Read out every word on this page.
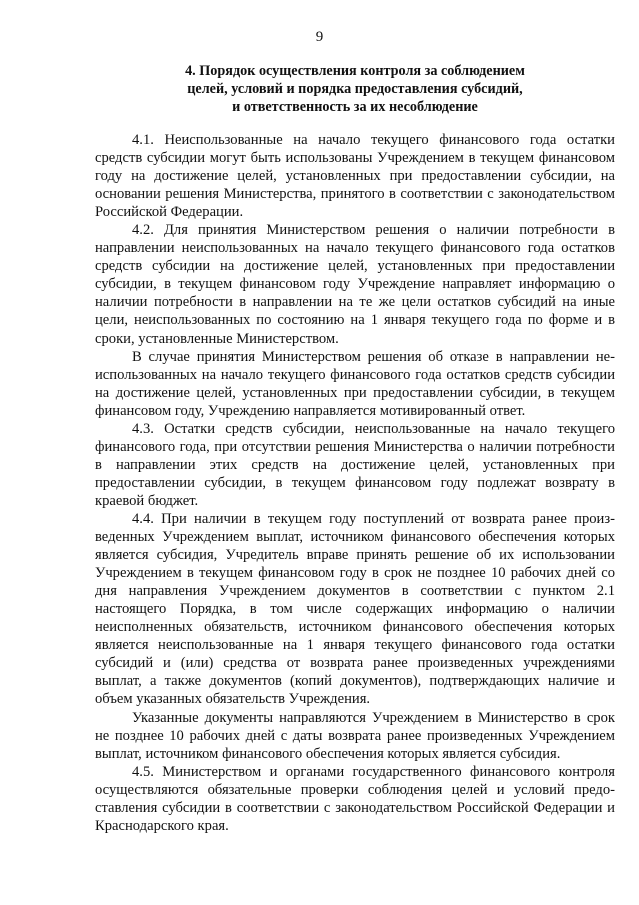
9
4. Порядок осуществления контроля за соблюдением
целей, условий и порядка предоставления субсидий,
и ответственность за их несоблюдение

4.1. Неиспользованные на начало текущего финансового года остатки средств субсидии могут быть использованы Учреждением в текущем финансовом году на достижение целей, установленных при предоставлении субсидии, на основании решения Министерства, принятого в соответствии с законодательством Российской Федерации.

4.2. Для принятия Министерством решения о наличии потребности в направлении неиспользованных на начало текущего финансового года остатков средств субсидии на достижение целей, установленных при предоставлении субсидии, в текущем финансовом году Учреждение направляет информацию о наличии потребности в направлении на те же цели остатков субсидий на иные цели, неиспользованных по состоянию на 1 января текущего года по форме и в сроки, установленные Министерством.

В случае принятия Министерством решения об отказе в направлении неиспользованных на начало текущего финансового года остатков средств субсидии на достижение целей, установленных при предоставлении субсидии, в текущем финансовом году, Учреждению направляется мотивированный ответ.

4.3. Остатки средств субсидии, неиспользованные на начало текущего финансового года, при отсутствии решения Министерства о наличии потребности в направлении этих средств на достижение целей, установленных при предоставлении субсидии, в текущем финансовом году подлежат возврату в краевой бюджет.

4.4. При наличии в текущем году поступлений от возврата ранее произведенных Учреждением выплат, источником финансового обеспечения которых является субсидия, Учредитель вправе принять решение об их использовании Учреждением в текущем финансовом году в срок не позднее 10 рабочих дней со дня направления Учреждением документов в соответствии с пунктом 2.1 настоящего Порядка, в том числе содержащих информацию о наличии неисполненных обязательств, источником финансового обеспечения которых является неиспользованные на 1 января текущего финансового года остатки субсидий и (или) средства от возврата ранее произведенных учреждениями выплат, а также документов (копий документов), подтверждающих наличие и объем указанных обязательств Учреждения.

Указанные документы направляются Учреждением в Министерство в срок не позднее 10 рабочих дней с даты возврата ранее произведенных Учреждением выплат, источником финансового обеспечения которых является субсидия.

4.5. Министерством и органами государственного финансового контроля осуществляются обязательные проверки соблюдения целей и условий предоставления субсидии в соответствии с законодательством Российской Федерации и Краснодарского края.
